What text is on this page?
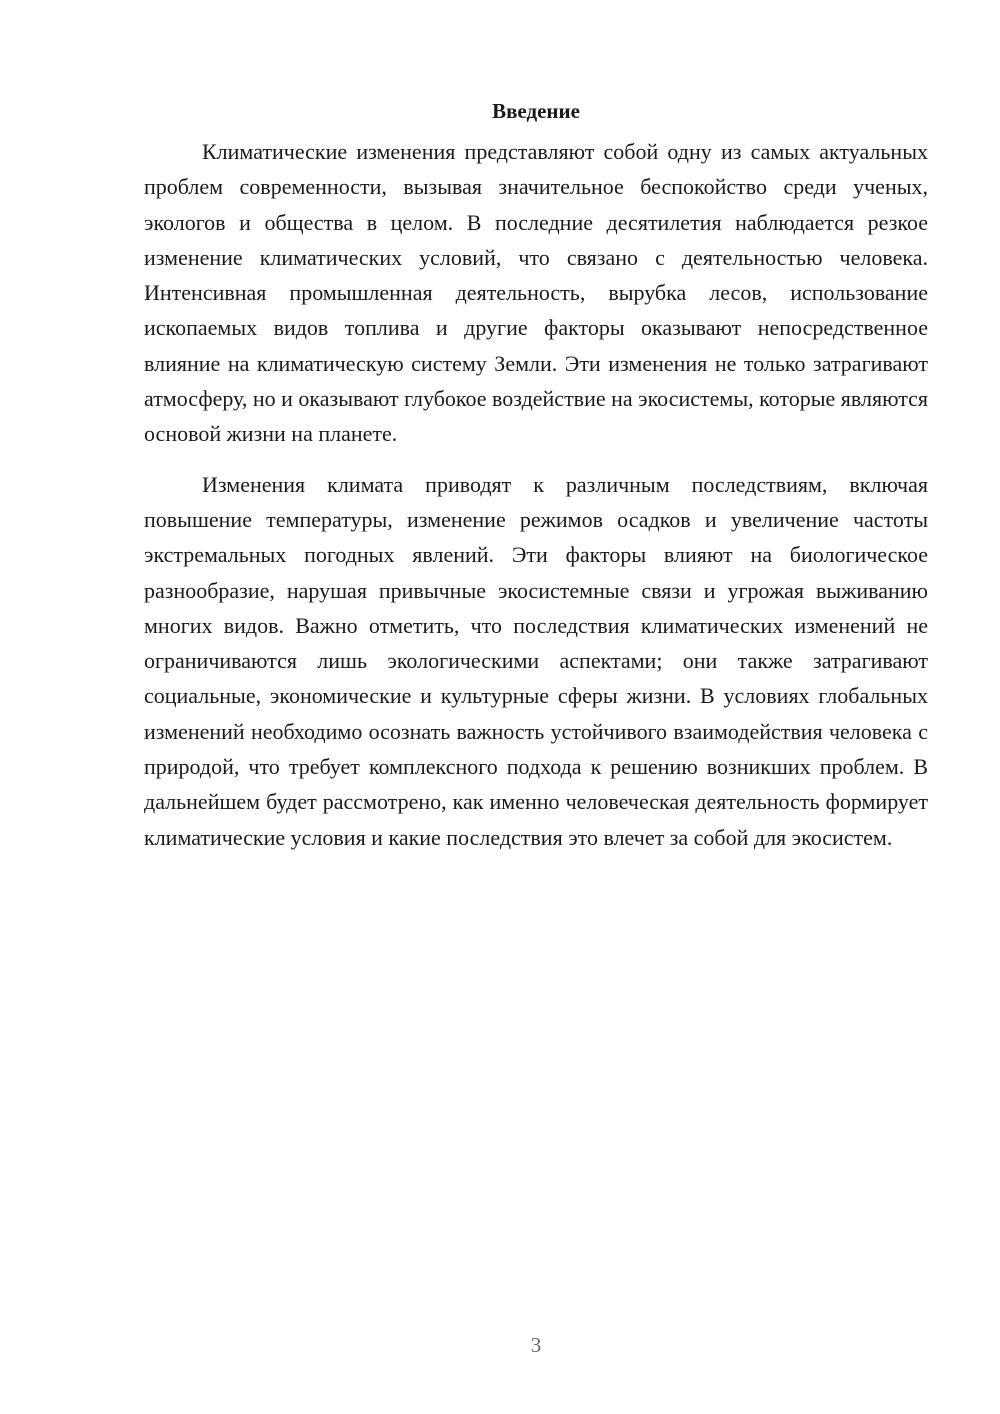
Введение

Климатические изменения представляют собой одну из самых актуальных проблем современности, вызывая значительное беспокойство среди ученых, экологов и общества в целом. В последние десятилетия наблюдается резкое изменение климатических условий, что связано с деятельностью человека. Интенсивная промышленная деятельность, вырубка лесов, использование ископаемых видов топлива и другие факторы оказывают непосредственное влияние на климатическую систему Земли. Эти изменения не только затрагивают атмосферу, но и оказывают глубокое воздействие на экосистемы, которые являются основой жизни на планете.

Изменения климата приводят к различным последствиям, включая повышение температуры, изменение режимов осадков и увеличение частоты экстремальных погодных явлений. Эти факторы влияют на биологическое разнообразие, нарушая привычные экосистемные связи и угрожая выживанию многих видов. Важно отметить, что последствия климатических изменений не ограничиваются лишь экологическими аспектами; они также затрагивают социальные, экономические и культурные сферы жизни. В условиях глобальных изменений необходимо осознать важность устойчивого взаимодействия человека с природой, что требует комплексного подхода к решению возникших проблем. В дальнейшем будет рассмотрено, как именно человеческая деятельность формирует климатические условия и какие последствия это влечет за собой для экосистем.

3
